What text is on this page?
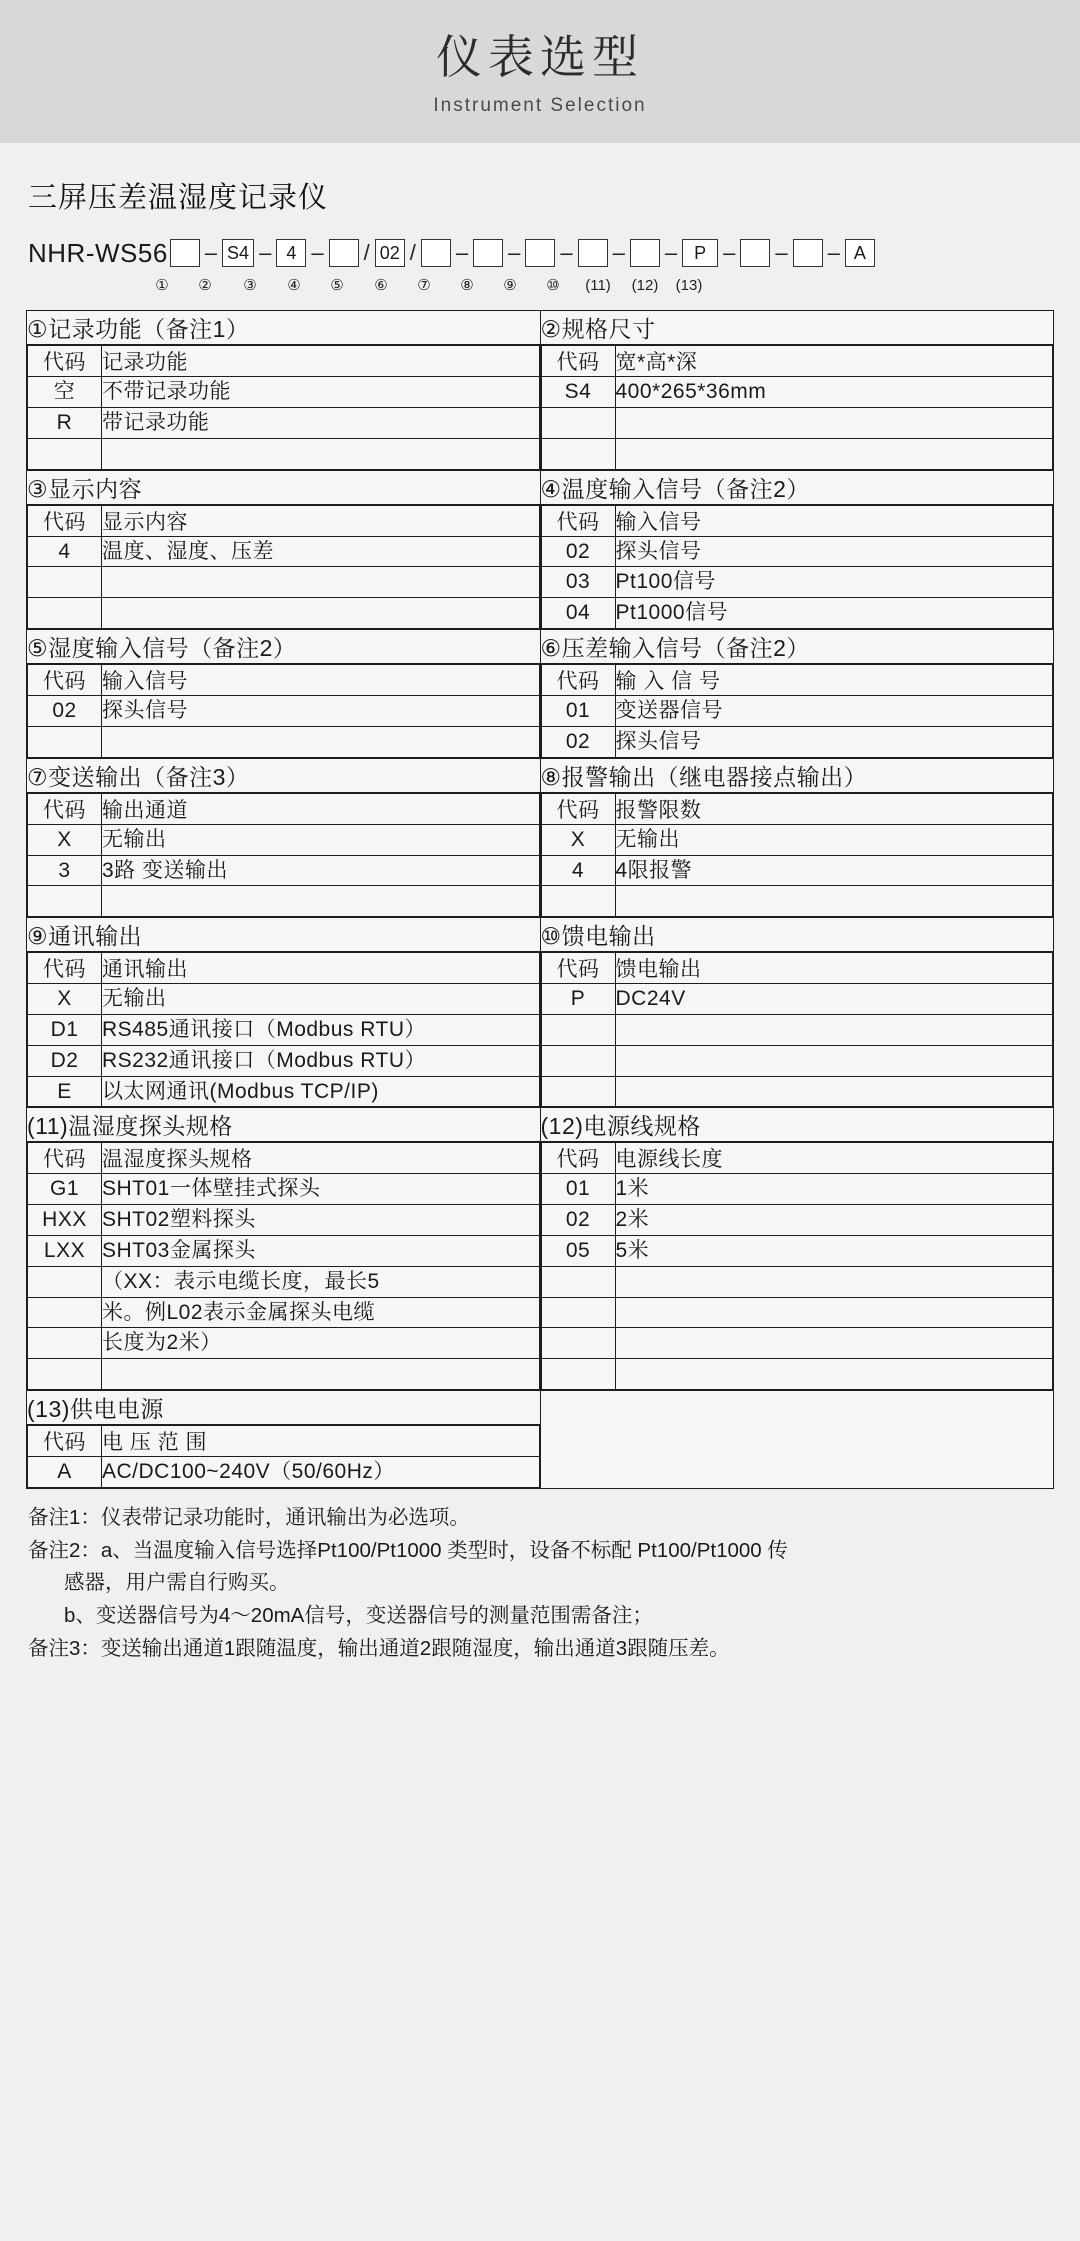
仪表选型
Instrument Selection
三屏压差温湿度记录仪
NHR-WS56 – S4 – 4 – / 02 / – – – – – P – – – A
①	②	③	④	⑤	⑥	⑦	⑧	⑨	⑩	(11)	(12) (13)
①记录功能（备注1）	②规格尺寸

代码	记录功能
空	不带记录功能
R	带记录功能

代码	宽*高*深
S4	400*265*36mm

③显示内容	④温度输入信号（备注2）

代码	显示内容
4	温度、湿度、压差

代码	输入信号
02	探头信号
03	Pt100信号
04	Pt1000信号

⑤湿度输入信号（备注2）	⑥压差输入信号（备注2）

代码	输入信号
02	探头信号

代码	输 入 信 号
01	变送器信号
02	探头信号

⑦变送输出（备注3）	⑧报警输出（继电器接点输出）

代码	输出通道
X	无输出
3	3路 变送输出

代码	报警限数
X	无输出
4	4限报警

⑨通讯输出	⑩馈电输出

代码	通讯输出
X	无输出
D1	RS485通讯接口（Modbus RTU）
D2	RS232通讯接口（Modbus RTU）
E	以太网通讯(Modbus TCP/IP)

代码	馈电输出
P	DC24V

(11)温湿度探头规格	(12)电源线规格

代码	温湿度探头规格
G1	SHT01一体壁挂式探头
HXX	SHT02塑料探头
LXX	SHT03金属探头
	（XX：表示电缆长度，最长5
	米。例L02表示金属探头电缆
	长度为2米）

代码	电源线长度
01	1米
02	2米
05	5米

(13)供电电源	

代码	电 压 范 围
A	AC/DC100~240V（50/60Hz）
备注1：仪表带记录功能时，通讯输出为必选项。
备注2：a、当温度输入信号选择Pt100/Pt1000 类型时，设备不标配 Pt100/Pt1000 传
感器，用户需自行购买。
b、变送器信号为4～20mA信号，变送器信号的测量范围需备注；
备注3：变送输出通道1跟随温度，输出通道2跟随湿度，输出通道3跟随压差。
